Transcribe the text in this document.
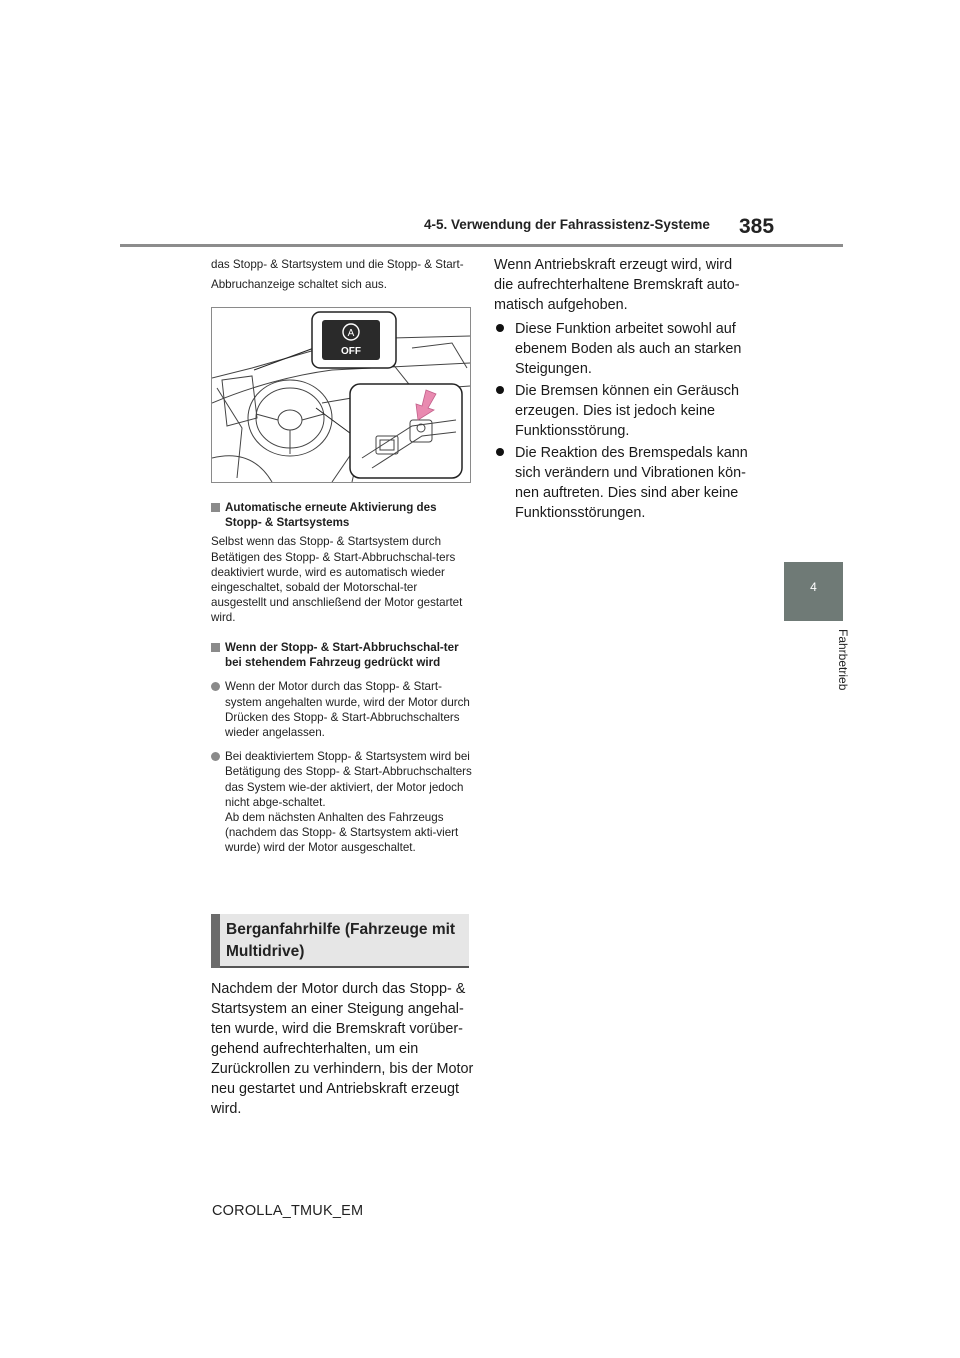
4-5. Verwendung der Fahrassistenz-Systeme 385
4
Fahrbetrieb
das Stopp- & Startsystem und die Stopp- & Start-Abbruchanzeige schaltet sich aus.
A
OFF
Automatische erneute Aktivierung des Stopp- & Startsystems
Selbst wenn das Stopp- & Startsystem durch Betätigen des Stopp- & Start-Abbruchschal-ters deaktiviert wurde, wird es automatisch wieder eingeschaltet, sobald der Motorschal-ter ausgestellt und anschließend der Motor gestartet wird.
Wenn der Stopp- & Start-Abbruchschal-ter bei stehendem Fahrzeug gedrückt wird
Wenn der Motor durch das Stopp- & Start-system angehalten wurde, wird der Motor durch Drücken des Stopp- & Start-Abbruchschalters wieder angelassen.
Bei deaktiviertem Stopp- & Startsystem wird bei Betätigung des Stopp- & Start-Abbruchschalters das System wie-der aktiviert, der Motor jedoch nicht abge-schaltet.
Ab dem nächsten Anhalten des Fahrzeugs (nachdem das Stopp- & Startsystem akti-viert wurde) wird der Motor ausgeschaltet.
Berganfahrhilfe (Fahrzeuge mit Multidrive)
Nachdem der Motor durch das Stopp- & Startsystem an einer Steigung angehal-ten wurde, wird die Bremskraft vorüber-gehend aufrechterhalten, um ein Zurückrollen zu verhindern, bis der Motor neu gestartet und Antriebskraft erzeugt wird.
Wenn Antriebskraft erzeugt wird, wird die aufrechterhaltene Bremskraft auto-matisch aufgehoben.
Diese Funktion arbeitet sowohl auf ebenem Boden als auch an starken Steigungen.
Die Bremsen können ein Geräusch erzeugen. Dies ist jedoch keine Funktionsstörung.
Die Reaktion des Bremspedals kann sich verändern und Vibrationen kön-nen auftreten. Dies sind aber keine Funktionsstörungen.
COROLLA_TMUK_EM
